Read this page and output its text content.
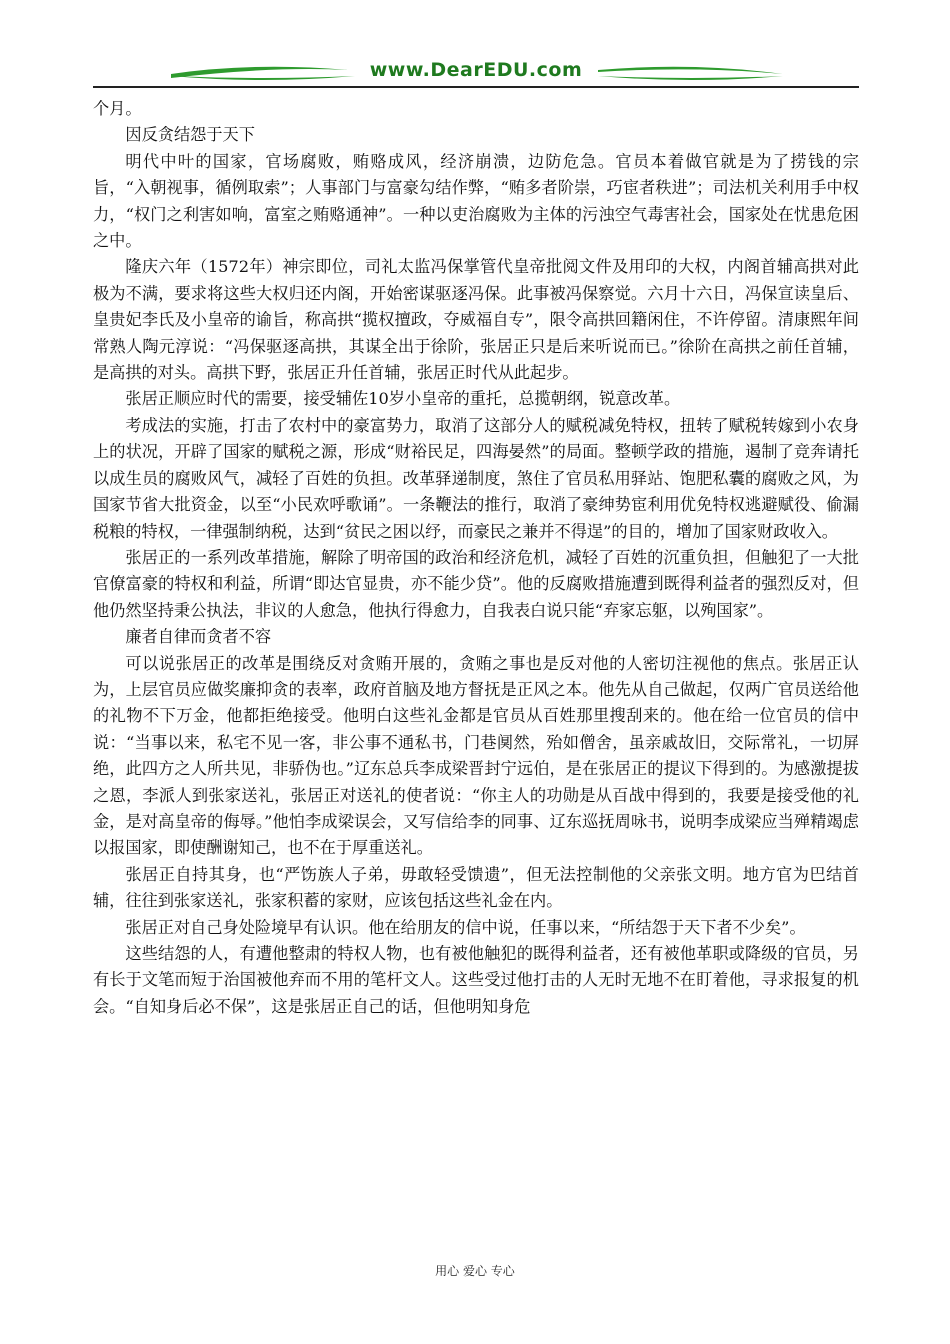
www.DearEDU.com

个月。

因反贪结怨于天下

明代中叶的国家，官场腐败，贿赂成风，经济崩溃，边防危急。官员本着做官就是为了捞钱的宗旨，“入朝视事，循例取索”；人事部门与富豪勾结作弊，“贿多者阶崇，巧宦者秩进”；司法机关利用手中权力，“权门之利害如响，富室之贿赂通神”。一种以吏治腐败为主体的污浊空气毒害社会，国家处在忧患危困之中。

隆庆六年（1572年）神宗即位，司礼太监冯保掌管代皇帝批阅文件及用印的大权，内阁首辅高拱对此极为不满，要求将这些大权归还内阁，开始密谋驱逐冯保。此事被冯保察觉。六月十六日，冯保宣读皇后、皇贵妃李氏及小皇帝的谕旨，称高拱“揽权擅政，夺威福自专”，限令高拱回籍闲住，不许停留。清康熙年间常熟人陶元淳说：“冯保驱逐高拱，其谋全出于徐阶，张居正只是后来听说而已。”徐阶在高拱之前任首辅，是高拱的对头。高拱下野，张居正升任首辅，张居正时代从此起步。

张居正顺应时代的需要，接受辅佐10岁小皇帝的重托，总揽朝纲，锐意改革。

考成法的实施，打击了农村中的豪富势力，取消了这部分人的赋税减免特权，扭转了赋税转嫁到小农身上的状况，开辟了国家的赋税之源，形成“财裕民足，四海晏然”的局面。整顿学政的措施，遏制了竞奔请托以成生员的腐败风气，减轻了百姓的负担。改革驿递制度，煞住了官员私用驿站、饱肥私囊的腐败之风，为国家节省大批资金，以至“小民欢呼歌诵”。一条鞭法的推行，取消了豪绅势宦利用优免特权逃避赋役、偷漏税粮的特权，一律强制纳税，达到“贫民之困以纾，而豪民之兼并不得逞”的目的，增加了国家财政收入。

张居正的一系列改革措施，解除了明帝国的政治和经济危机，减轻了百姓的沉重负担，但触犯了一大批官僚富豪的特权和利益，所谓“即达官显贵，亦不能少贷”。他的反腐败措施遭到既得利益者的强烈反对，但他仍然坚持秉公执法，非议的人愈急，他执行得愈力，自我表白说只能“弃家忘躯，以殉国家”。

廉者自律而贪者不容

可以说张居正的改革是围绕反对贪贿开展的，贪贿之事也是反对他的人密切注视他的焦点。张居正认为，上层官员应做奖廉抑贪的表率，政府首脑及地方督抚是正风之本。他先从自己做起，仅两广官员送给他的礼物不下万金，他都拒绝接受。他明白这些礼金都是官员从百姓那里搜刮来的。他在给一位官员的信中说：“当事以来，私宅不见一客，非公事不通私书，门巷阒然，殆如僧舍，虽亲戚故旧，交际常礼，一切屏绝，此四方之人所共见，非骄伪也。”辽东总兵李成梁晋封宁远伯，是在张居正的提议下得到的。为感激提拔之恩，李派人到张家送礼，张居正对送礼的使者说：“你主人的功勋是从百战中得到的，我要是接受他的礼金，是对高皇帝的侮辱。”他怕李成梁误会，又写信给李的同事、辽东巡抚周咏书，说明李成梁应当殚精竭虑以报国家，即使酬谢知己，也不在于厚重送礼。

张居正自持其身，也“严饬族人子弟，毋敢轻受馈遗”，但无法控制他的父亲张文明。地方官为巴结首辅，往往到张家送礼，张家积蓄的家财，应该包括这些礼金在内。

张居正对自己身处险境早有认识。他在给朋友的信中说，任事以来，“所结怨于天下者不少矣”。

这些结怨的人，有遭他整肃的特权人物，也有被他触犯的既得利益者，还有被他革职或降级的官员，另有长于文笔而短于治国被他弃而不用的笔杆文人。这些受过他打击的人无时无地不在盯着他，寻求报复的机会。“自知身后必不保”，这是张居正自己的话，但他明知身危

用心 爱心 专心
